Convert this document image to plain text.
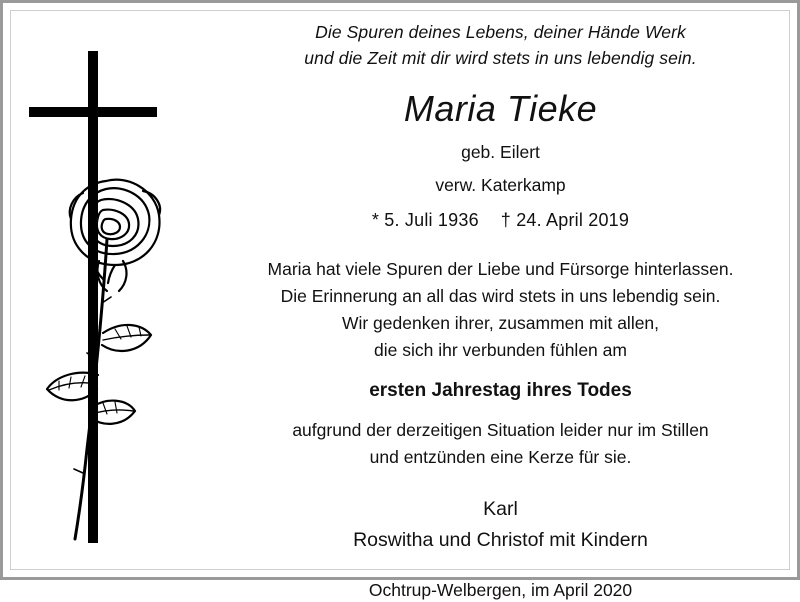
Die Spuren deines Lebens, deiner Hände Werk
und die Zeit mit dir wird stets in uns lebendig sein.
Maria Tieke
geb. Eilert
verw. Katerkamp
* 5. Juli 1936 † 24. April 2019
Maria hat viele Spuren der Liebe und Fürsorge hinterlassen.
Die Erinnerung an all das wird stets in uns lebendig sein.
Wir gedenken ihrer, zusammen mit allen,
die sich ihr verbunden fühlen am
ersten Jahrestag ihres Todes
aufgrund der derzeitigen Situation leider nur im Stillen
und entzünden eine Kerze für sie.
Karl
Roswitha und Christof mit Kindern
Ochtrup-Welbergen, im April 2020
